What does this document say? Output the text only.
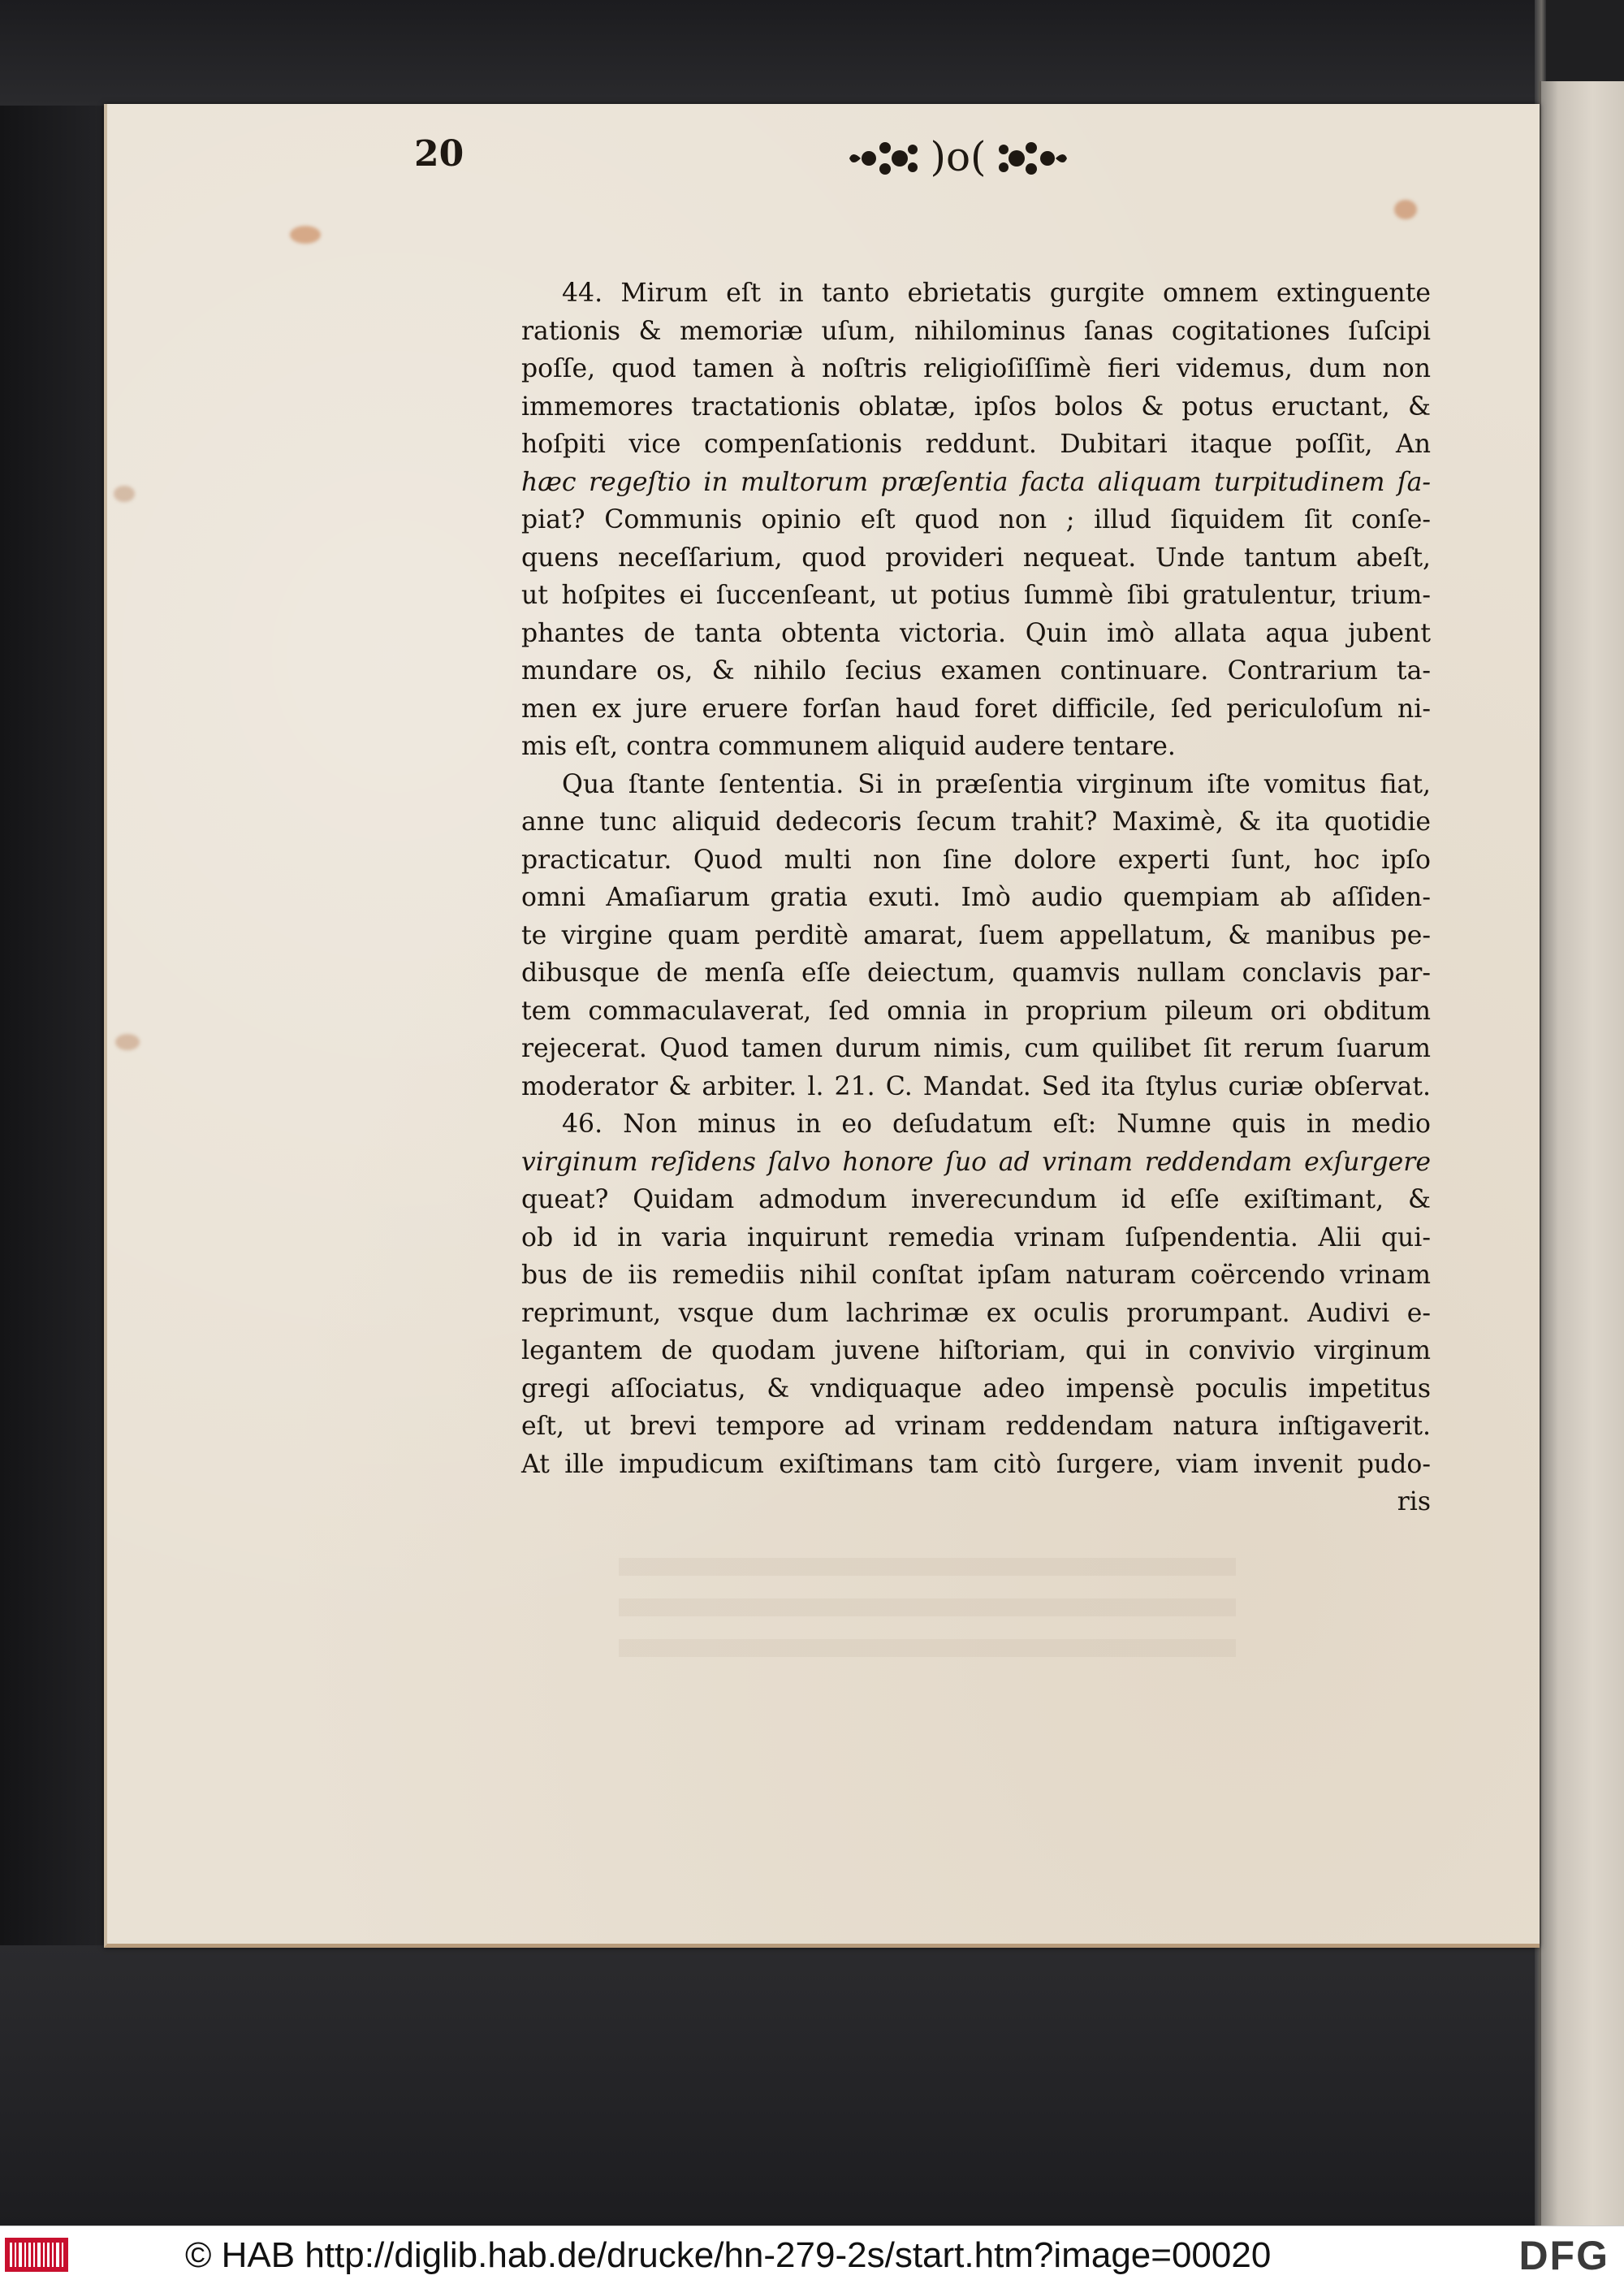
20	)o(
44. Mirum eſt in tanto ebrietatis gurgite omnem extinguente
rationis & memoriæ uſum, nihilominus ſanas cogitationes ſuſcipi
poſſe, quod tamen à noſtris religioſiſſimè fieri videmus, dum non
immemores tractationis oblatæ, ipſos bolos & potus eructant, &
hoſpiti vice compenſationis reddunt. Dubitari itaque poſſit, An
hæc regeſtio in multorum præſentia facta aliquam turpitudinem ſa-
piat? Communis opinio eſt quod non ; illud ſiquidem ſit conſe-
quens neceſſarium, quod provideri nequeat. Unde tantum abeſt,
ut hoſpites ei ſuccenſeant, ut potius ſummè ſibi gratulentur, trium-
phantes de tanta obtenta victoria. Quin imò allata aqua jubent
mundare os, & nihilo ſecius examen continuare. Contrarium ta-
men ex jure eruere forſan haud foret difficile, ſed periculoſum ni-
mis eſt, contra communem aliquid audere tentare.
Qua ſtante ſententia. Si in præſentia virginum iſte vomitus fiat,
anne tunc aliquid dedecoris ſecum trahit? Maximè, & ita quotidie
practicatur. Quod multi non ſine dolore experti ſunt, hoc ipſo
omni Amaſiarum gratia exuti. Imò audio quempiam ab aſſiden-
te virgine quam perditè amarat, ſuem appellatum, & manibus pe-
dibusque de menſa eſſe deiectum, quamvis nullam conclavis par-
tem commaculaverat, ſed omnia in proprium pileum ori obditum
rejecerat. Quod tamen durum nimis, cum quilibet ſit rerum ſuarum
moderator & arbiter. l. 21. C. Mandat. Sed ita ſtylus curiæ obſervat.
46. Non minus in eo deſudatum eſt: Numne quis in medio
virginum reſidens ſalvo honore ſuo ad vrinam reddendam exſurgere
queat? Quidam admodum inverecundum id eſſe exiſtimant, &
ob id in varia inquirunt remedia vrinam ſuſpendentia. Alii qui-
bus de iis remediis nihil conſtat ipſam naturam coërcendo vrinam
reprimunt, vsque dum lachrimæ ex oculis prorumpant. Audivi e-
legantem de quodam juvene hiſtoriam, qui in convivio virginum
gregi aſſociatus, & vndiquaque adeo impensè poculis impetitus
eſt, ut brevi tempore ad vrinam reddendam natura inſtigaverit.
At ille impudicum exiſtimans tam citò ſurgere, viam invenit pudo-
ris
© HAB http://diglib.hab.de/drucke/hn-279-2s/start.htm?image=00020	DFG
